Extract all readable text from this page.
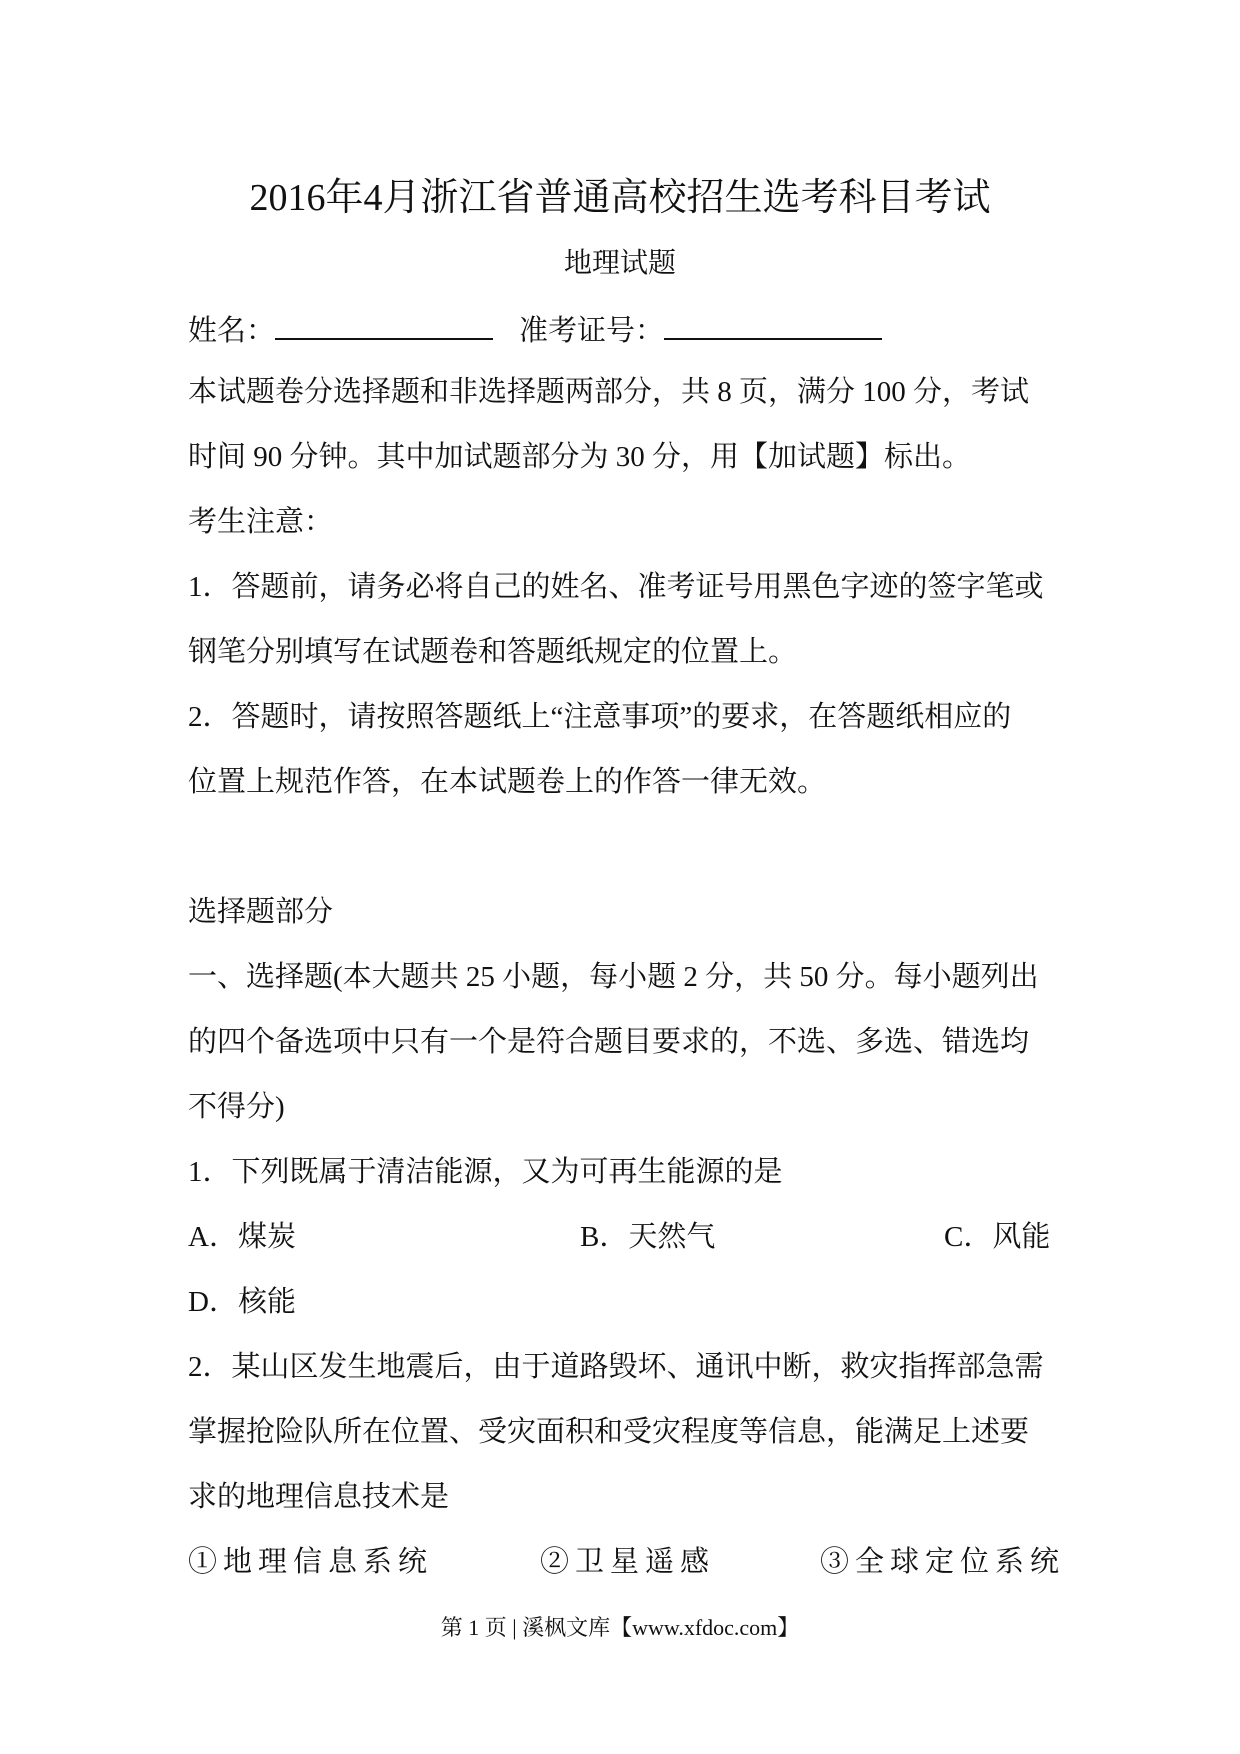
2016年4月浙江省普通高校招生选考科目考试
地理试题
姓名：	准考证号：
本试题卷分选择题和非选择题两部分，共 8 页，满分 100 分，考试
时间 90 分钟。其中加试题部分为 30 分，用【加试题】标出。
考生注意：
1．答题前，请务必将自己的姓名、准考证号用黑色字迹的签字笔或
钢笔分别填写在试题卷和答题纸规定的位置上。
2．答题时，请按照答题纸上“注意事项”的要求，在答题纸相应的
位置上规范作答，在本试题卷上的作答一律无效。
选择题部分
一、选择题(本大题共 25 小题，每小题 2 分，共 50 分。每小题列出
的四个备选项中只有一个是符合题目要求的，不选、多选、错选均
不得分)
1．下列既属于清洁能源，又为可再生能源的是
A．煤炭	B．天然气	C．风能
D．核能
2．某山区发生地震后，由于道路毁坏、通讯中断，救灾指挥部急需
掌握抢险队所在位置、受灾面积和受灾程度等信息，能满足上述要
求的地理信息技术是
①地理信息系统	②卫星遥感	③全球定位系统
第 1 页 | 溪枫文库【www.xfdoc.com】
